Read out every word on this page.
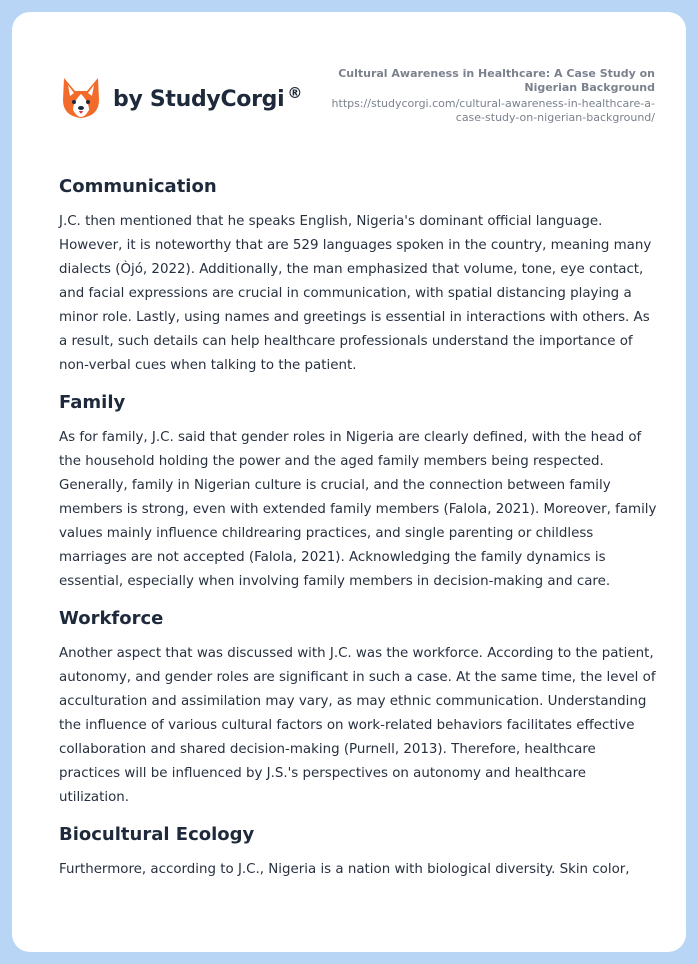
by StudyCorgi ®
Cultural Awareness in Healthcare: A Case Study on Nigerian Background
https://studycorgi.com/cultural-awareness-in-healthcare-a-case-study-on-nigerian-background/
Communication

J.C. then mentioned that he speaks English, Nigeria's dominant official language. However, it is noteworthy that are 529 languages spoken in the country, meaning many dialects (Òjó, 2022). Additionally, the man emphasized that volume, tone, eye contact, and facial expressions are crucial in communication, with spatial distancing playing a minor role. Lastly, using names and greetings is essential in interactions with others. As a result, such details can help healthcare professionals understand the importance of non-verbal cues when talking to the patient.

Family

As for family, J.C. said that gender roles in Nigeria are clearly defined, with the head of the household holding the power and the aged family members being respected. Generally, family in Nigerian culture is crucial, and the connection between family members is strong, even with extended family members (Falola, 2021). Moreover, family values mainly influence childrearing practices, and single parenting or childless marriages are not accepted (Falola, 2021). Acknowledging the family dynamics is essential, especially when involving family members in decision-making and care.

Workforce

Another aspect that was discussed with J.C. was the workforce. According to the patient, autonomy, and gender roles are significant in such a case. At the same time, the level of acculturation and assimilation may vary, as may ethnic communication. Understanding the influence of various cultural factors on work-related behaviors facilitates effective collaboration and shared decision-making (Purnell, 2013). Therefore, healthcare practices will be influenced by J.S.'s perspectives on autonomy and healthcare utilization.

Biocultural Ecology

Furthermore, according to J.C., Nigeria is a nation with biological diversity. Skin color,
